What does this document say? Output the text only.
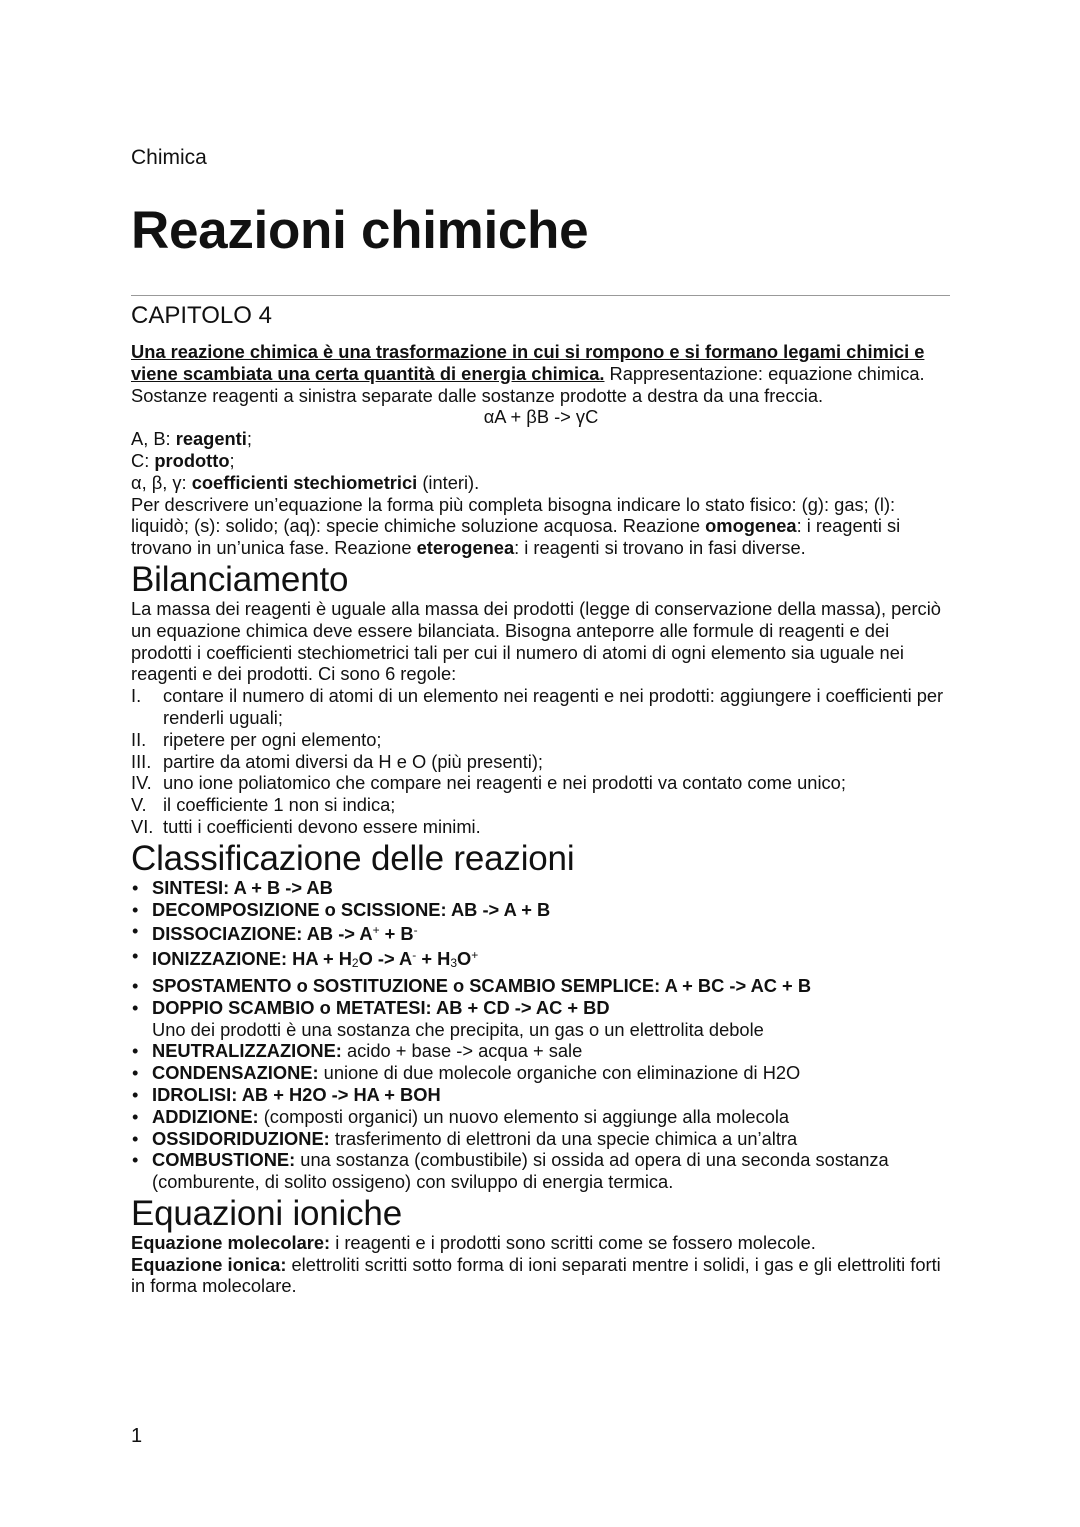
Chimica
Reazioni chimiche
CAPITOLO 4

Una reazione chimica è una trasformazione in cui si rompono e si formano legami chimici e viene scambiata una certa quantità di energia chimica. Rappresentazione: equazione chimica. Sostanze reagenti a sinistra separate dalle sostanze prodotte a destra da una freccia.

αA + βB -> γC

A, B: reagenti;

C: prodotto;

α, β, γ: coefficienti stechiometrici (interi).

Per descrivere un’equazione la forma più completa bisogna indicare lo stato fisico: (g): gas; (l): liquidò; (s): solido; (aq): specie chimiche soluzione acquosa. Reazione omogenea: i reagenti si trovano in un’unica fase. Reazione eterogenea: i reagenti si trovano in fasi diverse.

Bilanciamento

La massa dei reagenti è uguale alla massa dei prodotti (legge di conservazione della massa), perciò un equazione chimica deve essere bilanciata. Bisogna anteporre alle formule di reagenti e dei prodotti i coefficienti stechiometrici tali per cui il numero di atomi di ogni elemento sia uguale nei reagenti e dei prodotti. Ci sono 6 regole:

I. contare il numero di atomi di un elemento nei reagenti e nei prodotti: aggiungere i coefficienti per renderli uguali;
II. ripetere per ogni elemento;
III. partire da atomi diversi da H e O (più presenti);
IV. uno ione poliatomico che compare nei reagenti e nei prodotti va contato come unico;
V. il coefficiente 1 non si indica;
VI. tutti i coefficienti devono essere minimi.
Classificazione delle reazioni
• SINTESI: A + B -> AB
• DECOMPOSIZIONE o SCISSIONE: AB -> A + B
• DISSOCIAZIONE: AB -> A+ + B-
• IONIZZAZIONE: HA + H2O -> A- + H3O+
• SPOSTAMENTO o SOSTITUZIONE o SCAMBIO SEMPLICE: A + BC -> AC + B
• DOPPIO SCAMBIO o METATESI: AB + CD -> AC + BD
Uno dei prodotti è una sostanza che precipita, un gas o un elettrolita debole
• NEUTRALIZZAZIONE: acido + base -> acqua + sale
• CONDENSAZIONE: unione di due molecole organiche con eliminazione di H2O
• IDROLISI: AB + H2O -> HA + BOH
• ADDIZIONE: (composti organici) un nuovo elemento si aggiunge alla molecola
• OSSIDORIDUZIONE: trasferimento di elettroni da una specie chimica a un’altra
• COMBUSTIONE: una sostanza (combustibile) si ossida ad opera di una seconda sostanza (comburente, di solito ossigeno) con sviluppo di energia termica.
Equazioni ioniche

Equazione molecolare: i reagenti e i prodotti sono scritti come se fossero molecole.

Equazione ionica: elettroliti scritti sotto forma di ioni separati mentre i solidi, i gas e gli elettroliti forti in forma molecolare.

1
